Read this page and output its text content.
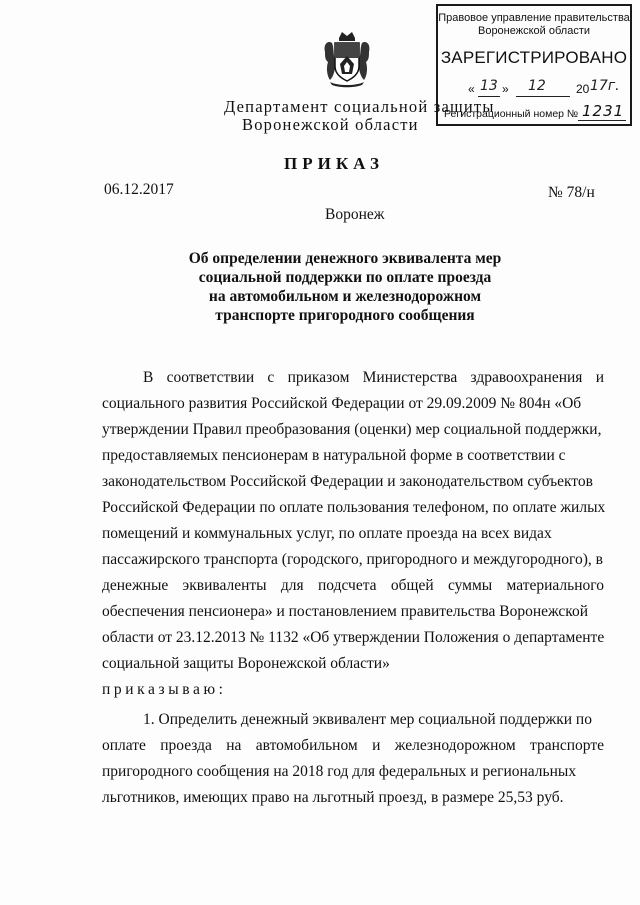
Правовое управление правительства
Воронежской области
ЗАРЕГИСТРИРОВАНО
« 13 » 12	20 17г.
Регистрационный номер № 1231
Департамент социальной защиты
Воронежской области
ПРИКАЗ
06.12.2017	№ 78/н
Воронеж
Об определении денежного эквивалента мер
социальной поддержки по оплате проезда
на автомобильном и железнодорожном
транспорте пригородного сообщения
В соответствии с приказом Министерства здравоохранения и
социального развития Российской Федерации от 29.09.2009 № 804н «Об
утверждении Правил преобразования (оценки) мер социальной поддержки,
предоставляемых пенсионерам в натуральной форме в соответствии с
законодательством Российской Федерации и законодательством субъектов
Российской Федерации по оплате пользования телефоном, по оплате жилых
помещений и коммунальных услуг, по оплате проезда на всех видах
пассажирского транспорта (городского, пригородного и междугородного), в
денежные эквиваленты для подсчета общей суммы материального
обеспечения пенсионера» и постановлением правительства Воронежской
области от 23.12.2013 № 1132 «Об утверждении Положения о департаменте
социальной защиты Воронежской области»
приказываю:
1. Определить денежный эквивалент мер социальной поддержки по
оплате проезда на автомобильном и железнодорожном транспорте
пригородного сообщения на 2018 год для федеральных и региональных
льготников, имеющих право на льготный проезд, в размере 25,53 руб.
